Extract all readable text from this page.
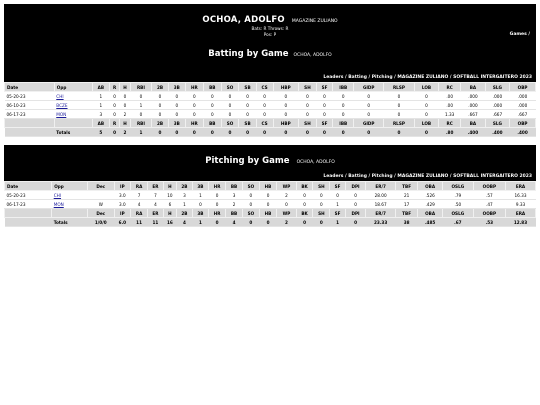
OCHOA, ADOLFO MAGAZINE ZULIANO
Bats: R Throws: R
Pos: P	Games /
Batting by Game OCHOA, ADOLFO
Leaders / Batting / Pitching / MAGAZINE ZULIANO / SOFTBALL INTERGAITERO 2023
Date	Opp	AB	R	H	RBI	2B	3B	HR	BB	SO	SB	CS	HBP	SH	SF	IBB	GIDP	RLSP	LOB	RC	BA	SLG	OBP
05-20-23	CHI	1	0	0	0	0	0	0	0	0	0	0	0	0	0	0	0	0	0	.00	.000	.000	.000
06-10-23	BCZE	1	0	0	1	0	0	0	0	0	0	0	0	0	0	0	0	0	0	.00	.000	.000	.000
06-17-23	MON	3	0	2	0	0	0	0	0	0	0	0	0	0	0	0	0	0	0	1.33	.667	.667	.667
		AB	R	H	RBI	2B	3B	HR	BB	SO	SB	CS	HBP	SH	SF	IBB	GIDP	RLSP	LOB	RC	BA	SLG	OBP
	Totals	5	0	2	1	0	0	0	0	0	0	0	0	0	0	0	0	0	0	.80	.400	.400	.400
Pitching by Game OCHOA, ADOLFO
Leaders / Batting / Pitching / MAGAZINE ZULIANO / SOFTBALL INTERGAITERO 2023
Date	Opp	Dec	IP	RA	ER	H	2B	3B	HR	BB	SO	HB	WP	BK	SH	SF	DPI	ER/7	TBF	OBA	OSLG	OOBP	ERA
05-20-23	CHI		3.0	7	7	10	3	1	0	3	0	0	2	0	0	0	0	28.00	21	.526	.79	.57	16.33
06-17-23	MON	W	3.0	4	4	6	1	0	0	2	0	0	0	0	0	1	0	18.67	17	.429	.50	.47	9.33
		Dec	IP	RA	ER	H	2B	3B	HR	BB	SO	HB	WP	BK	SH	SF	DPI	ER/7	TBF	OBA	OSLG	OOBP	ERA
	Totals	1/0/0	6.0	11	11	16	4	1	0	4	0	0	2	0	0	1	0	23.33	38	.485	.67	.53	12.83
